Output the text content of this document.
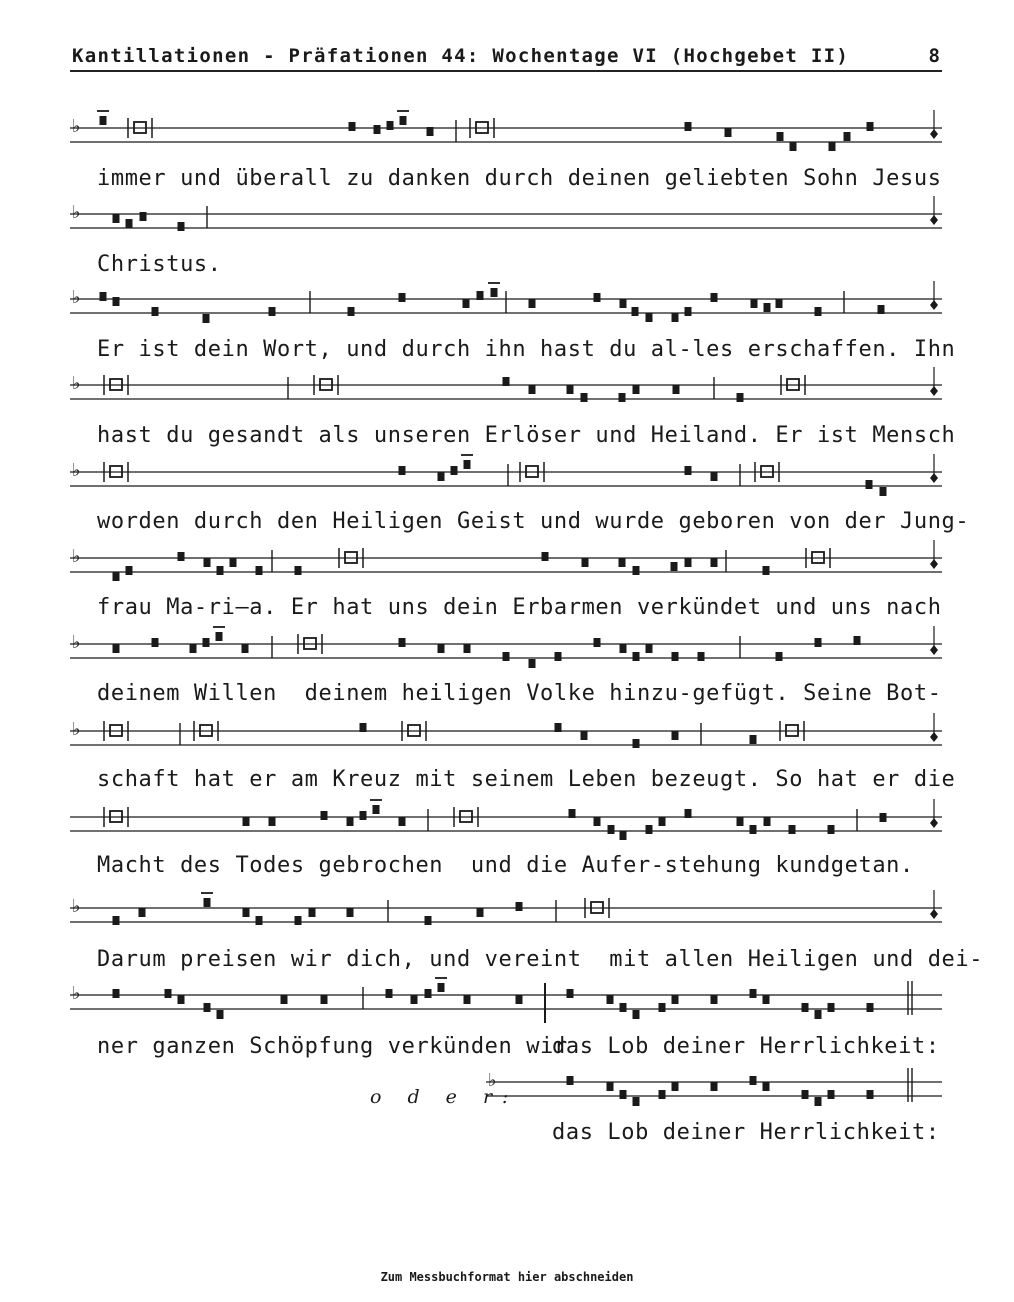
Kantillationen - Präfationen 44: Wochentage VI (Hochgebet II)	8
♭
♭
♭
♭
♭
♭
♭
♭
♭
♭
♭
immer und überall zu danken durch deinen geliebten Sohn Jesus
Christus.
Er ist dein Wort, und durch ihn hast du al-les erschaffen. Ihn
hast du gesandt als unseren Erlöser und Heiland. Er ist Mensch
worden durch den Heiligen Geist und wurde geboren von der Jung-
frau Ma-ri—a. Er hat uns dein Erbarmen verkündet und uns nach
deinem Willen  deinem heiligen Volke hinzu-gefügt. Seine Bot-
schaft hat er am Kreuz mit seinem Leben bezeugt. So hat er die
Macht des Todes gebrochen  und die Aufer-stehung kundgetan.
Darum preisen wir dich, und vereint  mit allen Heiligen und dei-
ner ganzen Schöpfung verkünden wir
das Lob deiner Herrlichkeit:
o d e r:
das Lob deiner Herrlichkeit:
Zum Messbuchformat hier abschneiden
